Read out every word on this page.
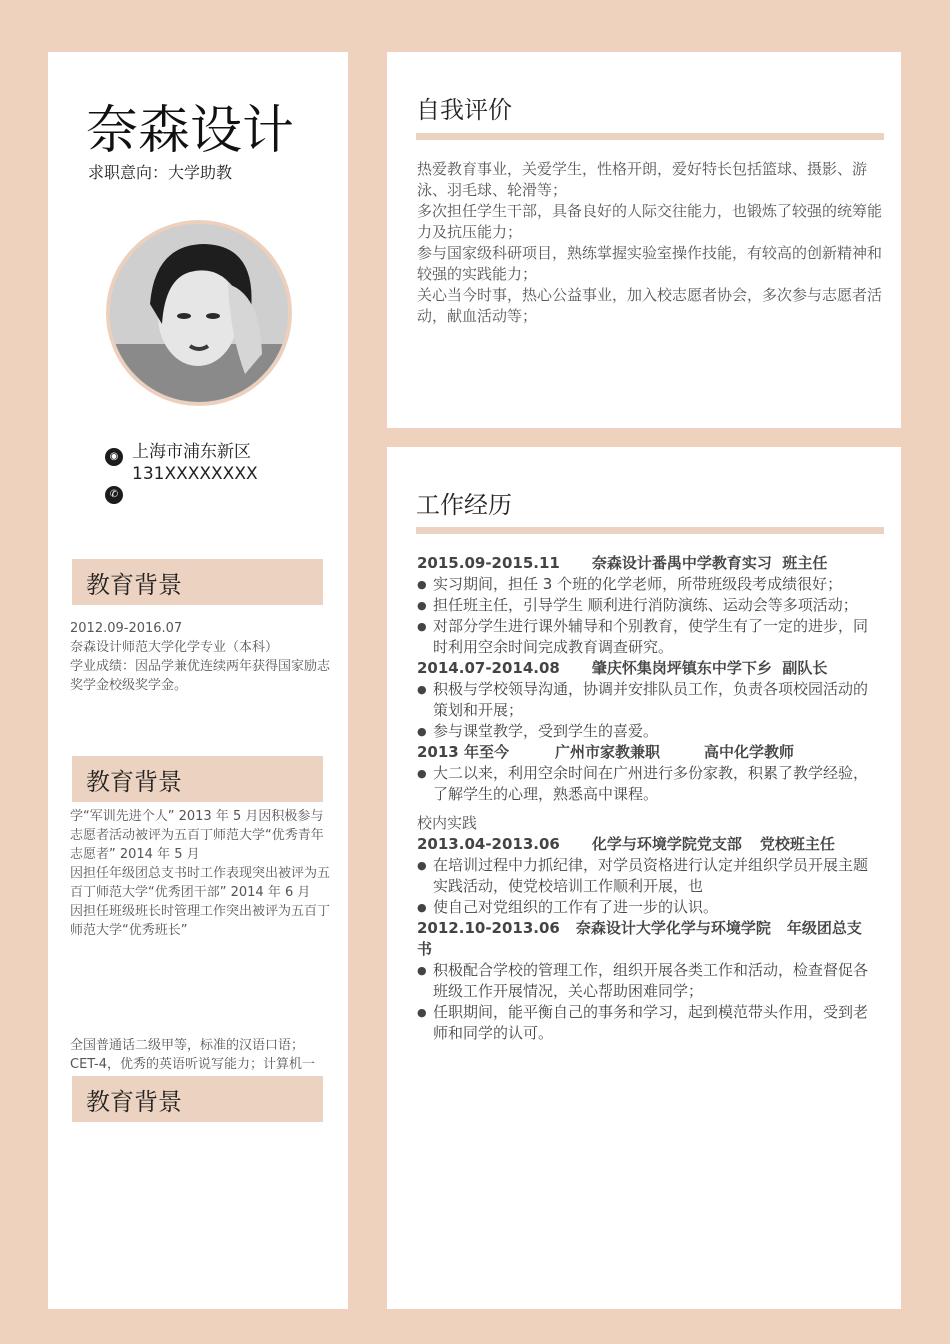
奈森设计
求职意向：大学助教
◉ 上海市浦东新区
131XXXXXXXX
✆
教育背景
2012.09-2016.07
奈森设计师范大学化学专业（本科）
学业成绩：因品学兼优连续两年获得国家励志奖学金校级奖学金。
学“军训先进个人” 2013 年 5 月因积极参与志愿者活动被评为五百丁师范大学“优秀青年志愿者” 2014 年 5 月
因担任年级团总支书时工作表现突出被评为五百丁师范大学“优秀团干部” 2014 年 6 月
因担任班级班长时管理工作突出被评为五百丁师范大学“优秀班长”
教育背景
全国普通话二级甲等，标准的汉语口语；
CET-4，优秀的英语听说写能力；计算机一
教育背景
自我评价
热爱教育事业，关爱学生，性格开朗，爱好特长包括篮球、摄影、游泳、羽毛球、轮滑等；
多次担任学生干部，具备良好的人际交往能力，也锻炼了较强的统筹能力及抗压能力；
参与国家级科研项目，熟练掌握实验室操作技能，有较高的创新精神和较强的实践能力；
关心当今时事，热心公益事业，加入校志愿者协会，多次参与志愿者活动，献血活动等；
工作经历
2015.09-2015.11 奈森设计番禺中学教育实习 班主任
● 实习期间，担任 3 个班的化学老师，所带班级段考成绩很好；
● 担任班主任，引导学生 顺利进行消防演练、运动会等多项活动；
● 对部分学生进行课外辅导和个别教育，使学生有了一定的进步，同时利用空余时间完成教育调查研究。
2014.07-2014.08 肇庆怀集岗坪镇东中学下乡 副队长
● 积极与学校领导沟通，协调并安排队员工作，负责各项校园活动的策划和开展；
● 参与课堂教学，受到学生的喜爱。
2013 年至今	广州市家教兼职	高中化学教师
● 大二以来，利用空余时间在广州进行多份家教，积累了教学经验，了解学生的心理，熟悉高中课程。
校内实践
2013.04-2013.06 化学与环境学院党支部 党校班主任
● 在培训过程中力抓纪律，对学员资格进行认定并组织学员开展主题实践活动，使党校培训工作顺利开展，也
● 使自己对党组织的工作有了进一步的认识。
2012.10-2013.06 奈森设计大学化学与环境学院 年级团总支书
● 积极配合学校的管理工作，组织开展各类工作和活动，检查督促各班级工作开展情况，关心帮助困难同学；
● 任职期间，能平衡自己的事务和学习，起到模范带头作用，受到老师和同学的认可。
